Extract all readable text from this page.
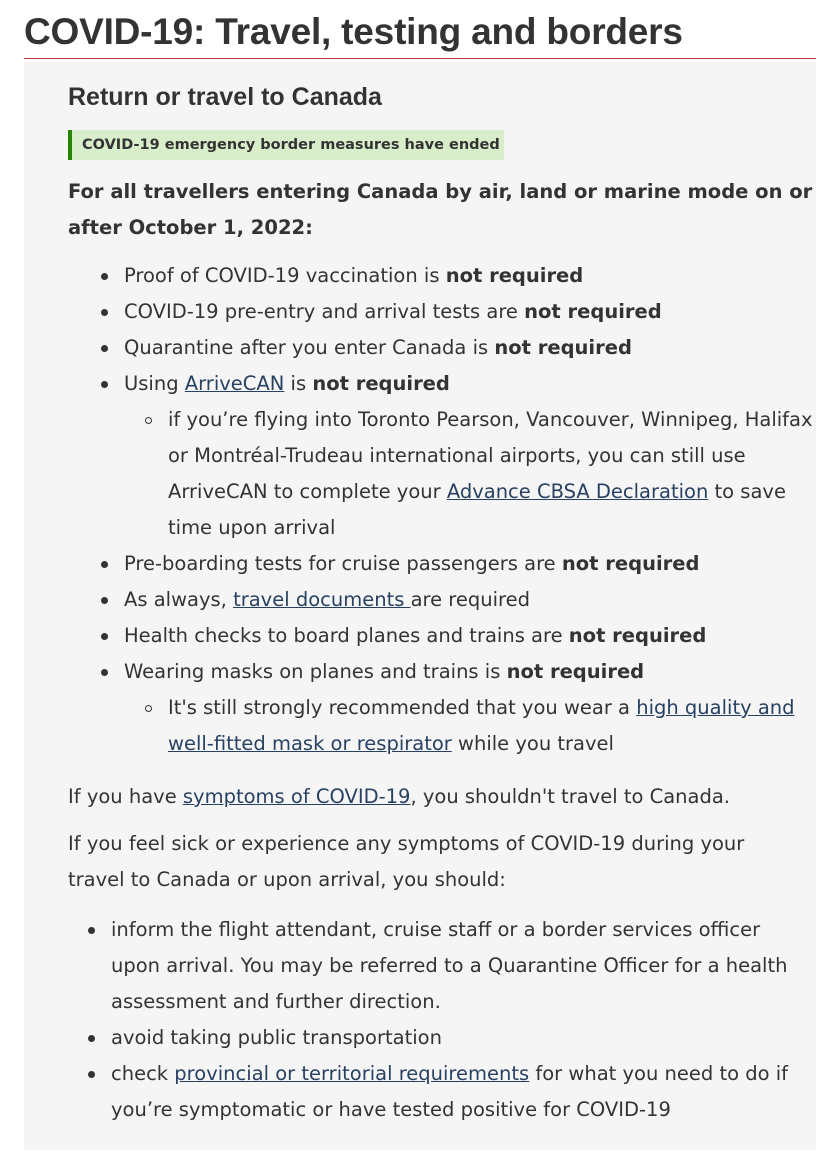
COVID-19: Travel, testing and borders
Return or travel to Canada
COVID-19 emergency border measures have ended

For all travellers entering Canada by air, land or marine mode on or after October 1, 2022:

Proof of COVID-19 vaccination is not required
COVID-19 pre-entry and arrival tests are not required
Quarantine after you enter Canada is not required
Using ArriveCAN is not required
if you’re flying into Toronto Pearson, Vancouver, Winnipeg, Halifax or Montréal-Trudeau international airports, you can still use ArriveCAN to complete your Advance CBSA Declaration to save time upon arrival
Pre-boarding tests for cruise passengers are not required
As always, travel documents are required
Health checks to board planes and trains are not required
Wearing masks on planes and trains is not required
It's still strongly recommended that you wear a high quality and well-fitted mask or respirator while you travel

If you have symptoms of COVID-19, you shouldn't travel to Canada.

If you feel sick or experience any symptoms of COVID-19 during your travel to Canada or upon arrival, you should:

inform the flight attendant, cruise staff or a border services officer upon arrival. You may be referred to a Quarantine Officer for a health assessment and further direction.
avoid taking public transportation
check provincial or territorial requirements for what you need to do if you’re symptomatic or have tested positive for COVID-19
